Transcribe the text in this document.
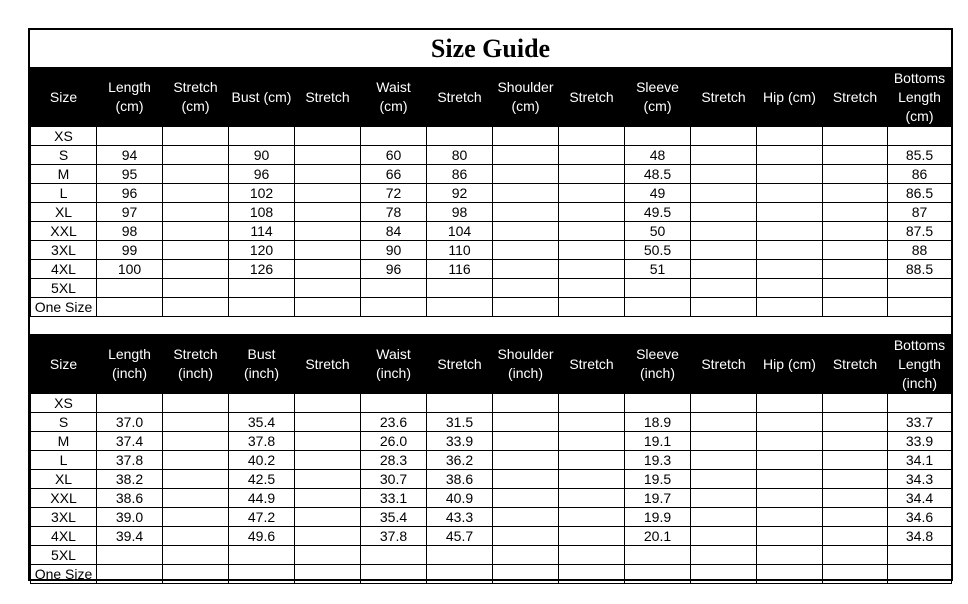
Size Guide
Size	Length (cm)	Stretch (cm)	Bust (cm)	Stretch	Waist (cm)	Stretch	Shoulder (cm)	Stretch	Sleeve (cm)	Stretch	Hip (cm)	Stretch	Bottoms Length (cm)
XS													
S	94		90		60	80			48				85.5
M	95		96		66	86			48.5				86
L	96		102		72	92			49				86.5
XL	97		108		78	98			49.5				87
XXL	98		114		84	104			50				87.5
3XL	99		120		90	110			50.5				88
4XL	100		126		96	116			51				88.5
5XL													
One Size													
Size	Length (inch)	Stretch (inch)	Bust (inch)	Stretch	Waist (inch)	Stretch	Shoulder (inch)	Stretch	Sleeve (inch)	Stretch	Hip (cm)	Stretch	Bottoms Length (inch)
XS													
S	37.0		35.4		23.6	31.5			18.9				33.7
M	37.4		37.8		26.0	33.9			19.1				33.9
L	37.8		40.2		28.3	36.2			19.3				34.1
XL	38.2		42.5		30.7	38.6			19.5				34.3
XXL	38.6		44.9		33.1	40.9			19.7				34.4
3XL	39.0		47.2		35.4	43.3			19.9				34.6
4XL	39.4		49.6		37.8	45.7			20.1				34.8
5XL													
One Size													
